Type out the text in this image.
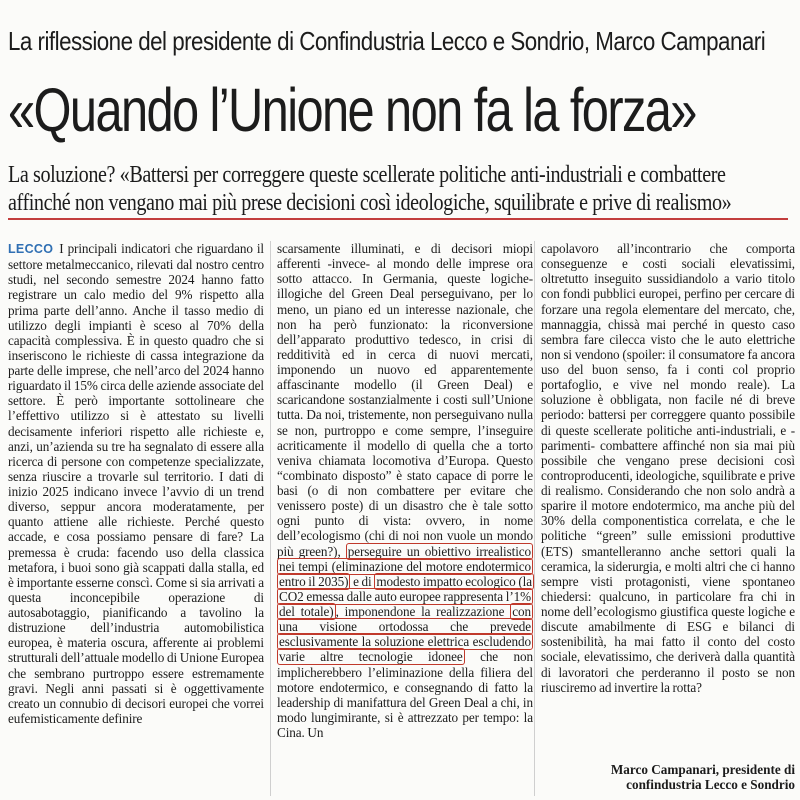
La riflessione del presidente di Confindustria Lecco e Sondrio, Marco Campanari
«Quando l’Unione non fa la forza»
La soluzione? «Battersi per correggere queste scellerate politiche anti-industriali e combattere
affinché non vengano mai più prese decisioni così ideologiche, squilibrate e prive di realismo»
LECCO I principali indicatori che riguardano il settore metalmeccanico, rilevati dal nostro centro studi, nel secondo semestre 2024 hanno fatto registrare un calo medio del 9% rispetto alla prima parte dell’anno. Anche il tasso medio di utilizzo degli impianti è sceso al 70% della capacità complessiva. È in questo quadro che si inseriscono le richieste di cassa integrazione da parte delle imprese, che nell’arco del 2024 hanno riguardato il 15% circa delle aziende associate del settore. È però importante sottolineare che l’effettivo utilizzo si è attestato su livelli decisamente inferiori rispetto alle richieste e, anzi, un’azienda su tre ha segnalato di essere alla ricerca di persone con competenze specializzate, senza riuscire a trovarle sul territorio. I dati di inizio 2025 indicano invece l’avvio di un trend diverso, seppur ancora moderatamente, per quanto attiene alle richieste. Perché questo accade, e cosa possiamo pensare di fare? La premessa è cruda: facendo uso della classica metafora, i buoi sono già scappati dalla stalla, ed è importante esserne conscì. Come si sia arrivati a questa inconcepibile operazione di autosabotaggio, pianificando a tavolino la distruzione dell’industria automobilistica europea, è materia oscura, afferente ai problemi strutturali dell’attuale modello di Unione Europea che sembrano purtroppo essere estremamente gravi. Negli anni passati si è oggettivamente creato un connubio di decisori europei che vorrei eufemisticamente definire
scarsamente illuminati, e di decisori miopi afferenti -invece- al mondo delle imprese ora sotto attacco. In Germania, queste logiche-illogiche del Green Deal perseguivano, per lo meno, un piano ed un interesse nazionale, che non ha però funzionato: la riconversione dell’apparato produttivo tedesco, in crisi di redditività ed in cerca di nuovi mercati, imponendo un nuovo ed apparentemente affascinante modello (il Green Deal) e scaricandone sostanzialmente i costi sull’Unione tutta. Da noi, tristemente, non perseguivano nulla se non, purtroppo e come sempre, l’inseguire acriticamente il modello di quella che a torto veniva chiamata locomotiva d’Europa. Questo “combinato disposto” è stato capace di porre le basi (o di non combattere per evitare che venissero poste) di un disastro che è tale sotto ogni punto di vista: ovvero, in nome dell’ecologismo (chi di noi non vuole un mondo più green?), perseguire un obiettivo irrealistico nei tempi (eliminazione del motore endotermico entro il 2035) e di modesto impatto ecologico (la CO2 emessa dalle auto europee rappresenta l’1% del totale) , imponendone la realizzazione con una visione ortodossa che prevede esclusivamente la soluzione elettrica escludendo varie altre tecnologie idonee che non implicherebbero l’eliminazione della filiera del motore endotermico, e consegnando di fatto la leadership di manifattura del Green Deal a chi, in modo lungimirante, si è attrezzato per tempo: la Cina. Un
capolavoro all’incontrario che comporta conseguenze e costi sociali elevatissimi, oltretutto inseguito sussidiandolo a vario titolo con fondi pubblici europei, perfino per cercare di forzare una regola elementare del mercato, che, mannaggia, chissà mai perché in questo caso sembra fare cilecca visto che le auto elettriche non si vendono (spoiler: il consumatore fa ancora uso del buon senso, fa i conti col proprio portafoglio, e vive nel mondo reale). La soluzione è obbligata, non facile né di breve periodo: battersi per correggere quanto possibile di queste scellerate politiche anti-industriali, e -parimenti- combattere affinché non sia mai più possibile che vengano prese decisioni così controproducenti, ideologiche, squilibrate e prive di realismo. Considerando che non solo andrà a sparire il motore endotermico, ma anche più del 30% della componentistica correlata, e che le politiche “green” sulle emissioni produttive (ETS) smantelleranno anche settori quali la ceramica, la siderurgia, e molti altri che ci hanno sempre visti protagonisti, viene spontaneo chiedersi: qualcuno, in particolare fra chi in nome dell’ecologismo giustifica queste logiche e discute amabilmente di ESG e bilanci di sostenibilità, ha mai fatto il conto del costo sociale, elevatissimo, che deriverà dalla quantità di lavoratori che perderanno il posto se non riusciremo ad invertire la rotta?
Marco Campanari, presidente di
confindustria Lecco e Sondrio
